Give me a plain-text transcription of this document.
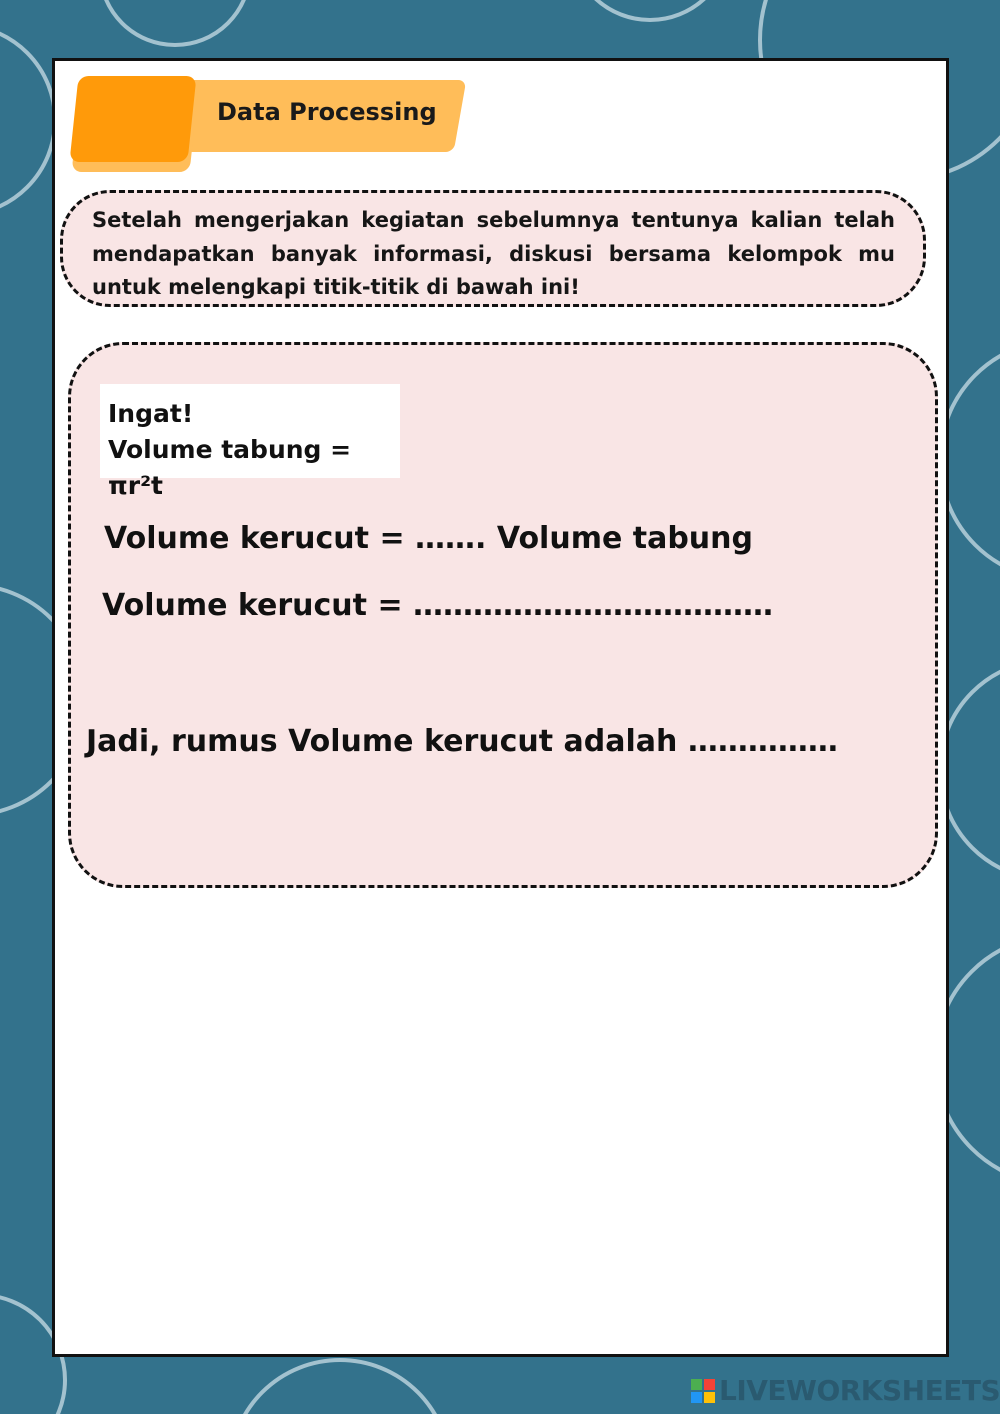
Data Processing
Setelah mengerjakan kegiatan sebelumnya tentunya kalian telah mendapatkan banyak informasi, diskusi bersama kelompok mu untuk melengkapi titik-titik di bawah ini!
Ingat!
Volume tabung = πr²t
Volume kerucut = ……. Volume tabung
Volume kerucut = ………………………………
Jadi, rumus Volume kerucut adalah ……………
LIVEWORKSHEETS
